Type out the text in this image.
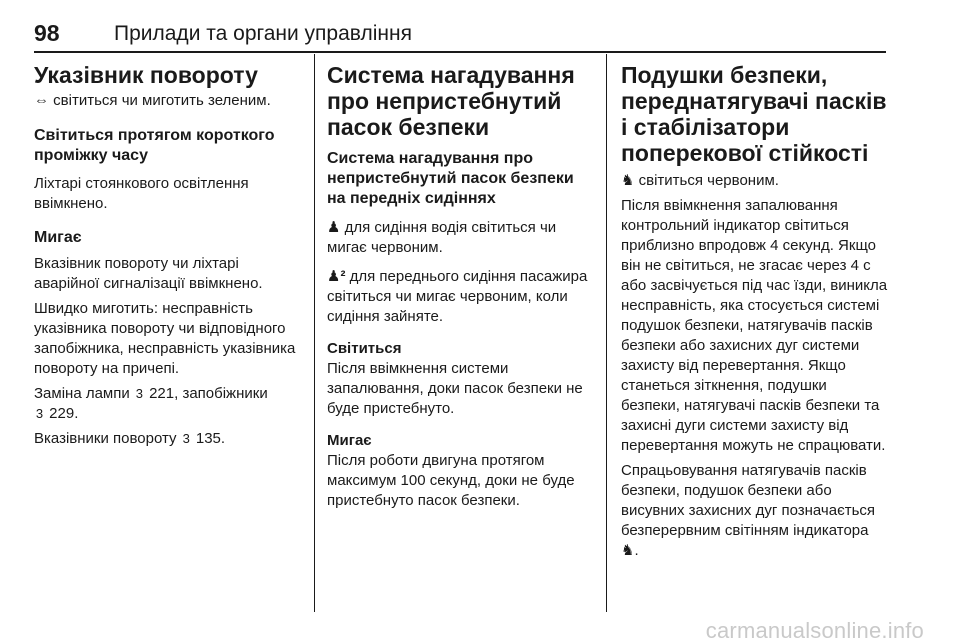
98	Прилади та органи управління
Указівник повороту

⇔ світиться чи миготить зеленим.

Світиться протягом короткого проміжку часу

Ліхтарі стоянкового освітлення ввімкнено.

Мигає

Вказівник повороту чи ліхтарі аварійної сигналізації ввімкнено.

Швидко миготить: несправність указівника повороту чи відповідного запобіжника, несправність указівника повороту на причепі.

Заміна лампи 3 221, запобіжники
3 229.

Вказівники повороту 3 135.

Система нагадування про непристебнутий пасок безпеки
Система нагадування про непристебнутий пасок безпеки на передніх сидіннях

♟ для сидіння водія світиться чи мигає червоним.

♟² для переднього сидіння пасажира світиться чи мигає червоним, коли сидіння зайняте.

Світиться

Після ввімкнення системи запалювання, доки пасок безпеки не буде пристебнуто.

Мигає

Після роботи двигуна протягом максимум 100 секунд, доки не буде пристебнуто пасок безпеки.

Подушки безпеки, переднатягувачі пасків і стабілізатори поперекової стійкості

♞ світиться червоним.

Після ввімкнення запалювання контрольний індикатор світиться приблизно впродовж 4 секунд. Якщо він не світиться, не згасає через 4 с або засвічується під час їзди, виникла несправність, яка стосується системі подушок безпеки, натягувачів пасків безпеки або захисних дуг системи захисту від перевертання. Якщо станеться зіткнення, подушки безпеки, натягувачі пасків безпеки та захисні дуги системи захисту від перевертання можуть не спрацювати.

Спрацьовування натягувачів пасків безпеки, подушок безпеки або висувних захисних дуг позначається безперервним світінням індикатора ♞.

carmanualsonline.info
